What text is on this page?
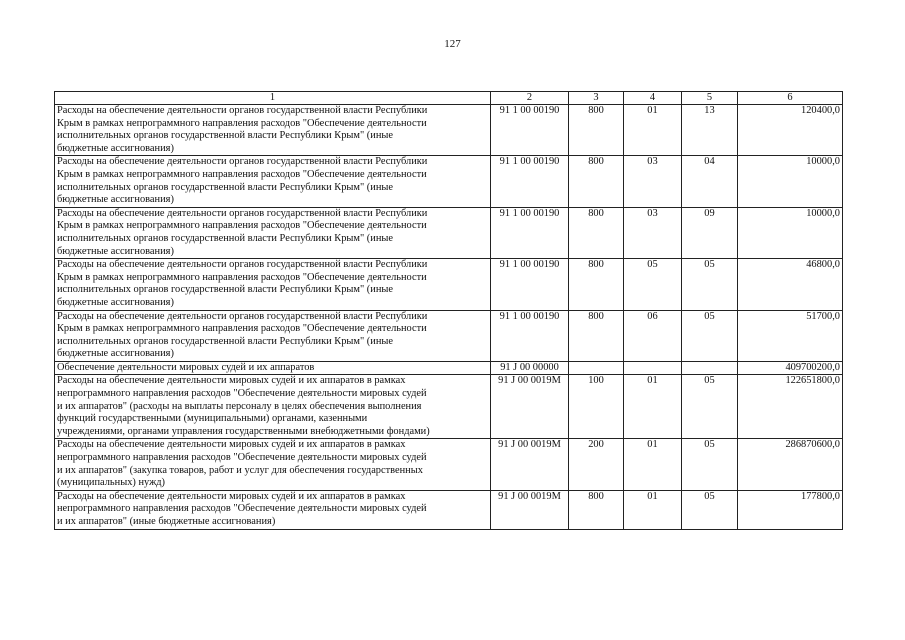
127
1	2	3	4	5	6

Расходы на обеспечение деятельности органов государственной власти Республики
Крым в рамках непрограммного направления расходов "Обеспечение деятельности
исполнительных органов государственной власти Республики Крым" (иные
бюджетные ассигнования)	91 1 00 00190	800	01	13	120400,0

Расходы на обеспечение деятельности органов государственной власти Республики
Крым в рамках непрограммного направления расходов "Обеспечение деятельности
исполнительных органов государственной власти Республики Крым" (иные
бюджетные ассигнования)	91 1 00 00190	800	03	04	10000,0

Расходы на обеспечение деятельности органов государственной власти Республики
Крым в рамках непрограммного направления расходов "Обеспечение деятельности
исполнительных органов государственной власти Республики Крым" (иные
бюджетные ассигнования)	91 1 00 00190	800	03	09	10000,0

Расходы на обеспечение деятельности органов государственной власти Республики
Крым в рамках непрограммного направления расходов "Обеспечение деятельности
исполнительных органов государственной власти Республики Крым" (иные
бюджетные ассигнования)	91 1 00 00190	800	05	05	46800,0

Расходы на обеспечение деятельности органов государственной власти Республики
Крым в рамках непрограммного направления расходов "Обеспечение деятельности
исполнительных органов государственной власти Республики Крым" (иные
бюджетные ассигнования)	91 1 00 00190	800	06	05	51700,0

Обеспечение деятельности мировых судей и их аппаратов	91 J 00 00000				409700200,0

Расходы на обеспечение деятельности мировых судей и их аппаратов в рамках
непрограммного направления расходов "Обеспечение деятельности мировых судей
и их аппаратов" (расходы на выплаты персоналу в целях обеспечения выполнения
функций государственными (муниципальными) органами, казенными
учреждениями, органами управления государственными внебюджетными фондами)	91 J 00 0019M	100	01	05	122651800,0

Расходы на обеспечение деятельности мировых судей и их аппаратов в рамках
непрограммного направления расходов "Обеспечение деятельности мировых судей
и их аппаратов" (закупка товаров, работ и услуг для обеспечения государственных
(муниципальных) нужд)	91 J 00 0019M	200	01	05	286870600,0

Расходы на обеспечение деятельности мировых судей и их аппаратов в рамках
непрограммного направления расходов "Обеспечение деятельности мировых судей
и их аппаратов" (иные бюджетные ассигнования)	91 J 00 0019M	800	01	05	177800,0
